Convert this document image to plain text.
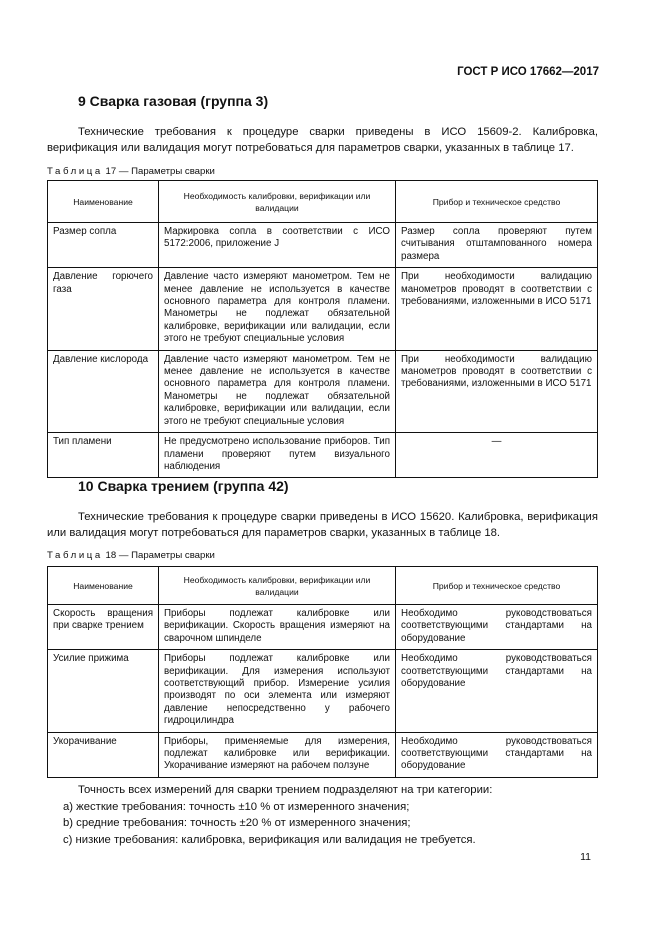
ГОСТ Р ИСО 17662—2017
9 Сварка газовая (группа 3)
Технические требования к процедуре сварки приведены в ИСО 15609-2. Калибровка, верификация или валидация могут потребоваться для параметров сварки, указанных в таблице 17.
Таблица 17 — Параметры сварки
Наименование	Необходимость калибровки, верификации или валидации	Прибор и техническое средство
Размер сопла	Маркировка сопла в соответствии с ИСО 5172:2006, приложение J	Размер сопла проверяют путем считывания отштампованного номера размера
Давление горючего газа	Давление часто измеряют манометром. Тем не менее давление не используется в качестве основного параметра для контроля пламени. Манометры не подлежат обязательной калибровке, верификации или валидации, если этого не требуют специальные условия	При необходимости валидацию манометров проводят в соответствии с требованиями, изложенными в ИСО 5171
Давление кислорода	Давление часто измеряют манометром. Тем не менее давление не используется в качестве основного параметра для контроля пламени. Манометры не подлежат обязательной калибровке, верификации или валидации, если этого не требуют специальные условия	При необходимости валидацию манометров проводят в соответствии с требованиями, изложенными в ИСО 5171
Тип пламени	Не предусмотрено использование приборов. Тип пламени проверяют путем визуального наблюдения	—
10 Сварка трением (группа 42)
Технические требования к процедуре сварки приведены в ИСО 15620. Калибровка, верификация или валидация могут потребоваться для параметров сварки, указанных в таблице 18.
Таблица 18 — Параметры сварки
Наименование	Необходимость калибровки, верификации или валидации	Прибор и техническое средство
Скорость вращения при сварке трением	Приборы подлежат калибровке или верификации. Скорость вращения измеряют на сварочном шпинделе	Необходимо руководствоваться соответствующими стандартами на оборудование
Усилие прижима	Приборы подлежат калибровке или верификации. Для измерения используют соответствующий прибор. Измерение усилия производят по оси элемента или измеряют давление непосредственно у рабочего гидроцилиндра	Необходимо руководствоваться соответствующими стандартами на оборудование
Укорачивание	Приборы, применяемые для измерения, подлежат калибровке или верификации. Укорачивание измеряют на рабочем ползуне	Необходимо руководствоваться соответствующими стандартами на оборудование
Точность всех измерений для сварки трением подразделяют на три категории:
a) жесткие требования: точность ±10 % от измеренного значения;
b) средние требования: точность ±20 % от измеренного значения;
c) низкие требования: калибровка, верификация или валидация не требуется.
11
